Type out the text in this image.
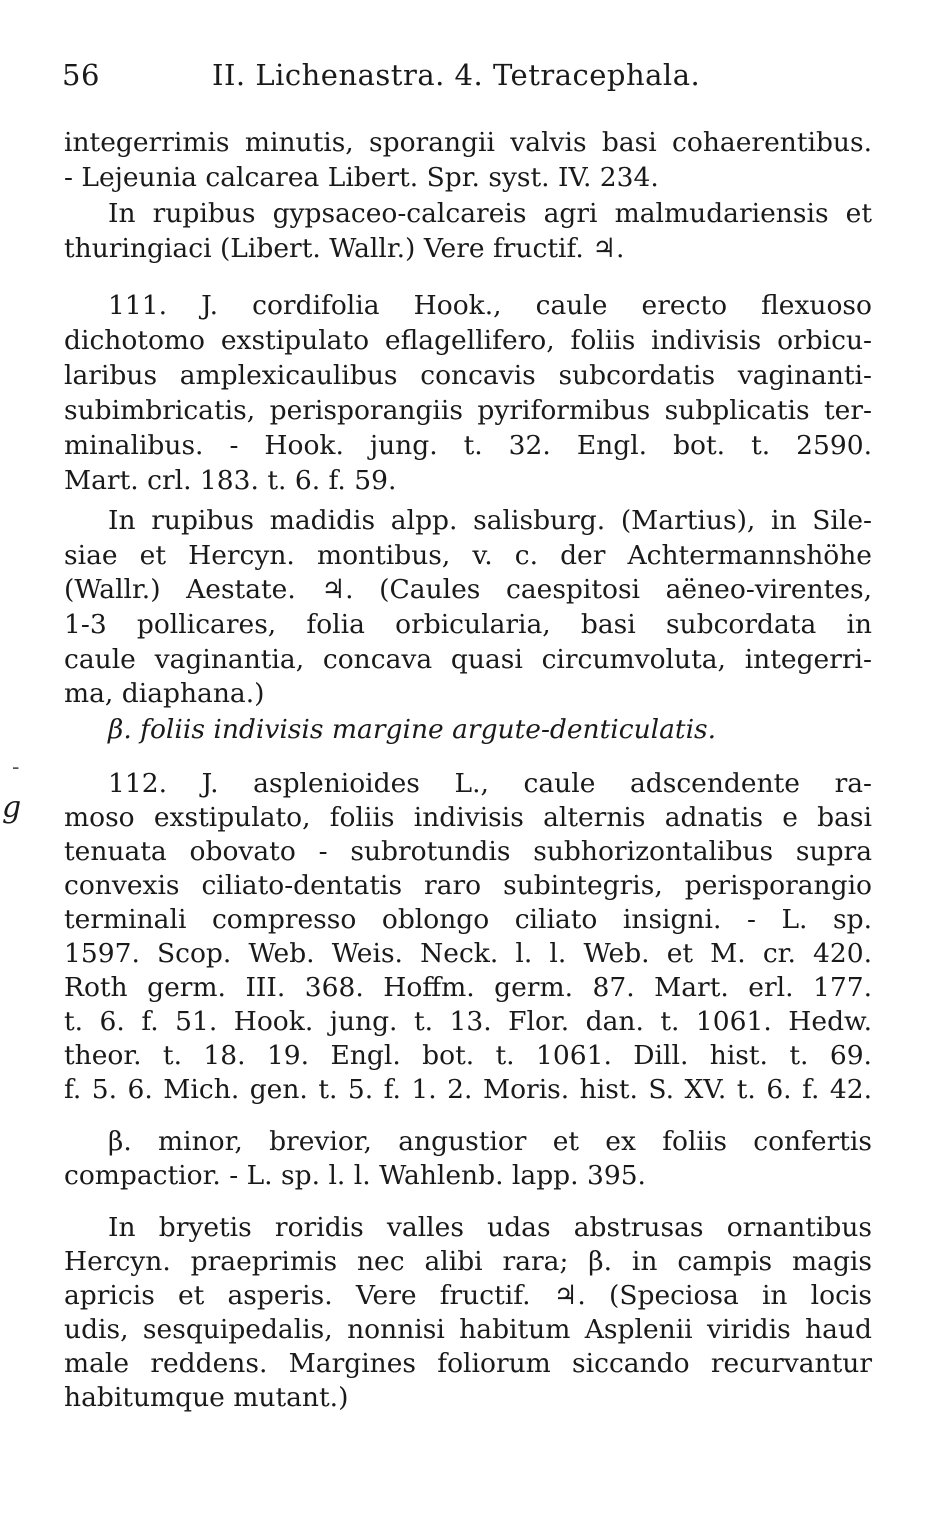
56	II. Lichenastra. 4. Tetracephala.
-
g
integerrimis minutis, sporangii valvis basi cohaerentibus.
- Lejeunia calcarea Libert. Spr. syst. IV. 234.
In rupibus gypsaceo-calcareis agri malmudariensis et
thuringiaci (Libert. Wallr.) Vere fructif. ♃.
111. J. cordifolia Hook., caule erecto flexuoso
dichotomo exstipulato eflagellifero, foliis indivisis orbicu-
laribus amplexicaulibus concavis subcordatis vaginanti-
subimbricatis, perisporangiis pyriformibus subplicatis ter-
minalibus. - Hook. jung. t. 32. Engl. bot. t. 2590.
Mart. crl. 183. t. 6. f. 59.
In rupibus madidis alpp. salisburg. (Martius), in Sile-
siae et Hercyn. montibus, v. c. der Achtermannshöhe
(Wallr.) Aestate. ♃. (Caules caespitosi aëneo-virentes,
1-3 pollicares, folia orbicularia, basi subcordata in
caule vaginantia, concava quasi circumvoluta, integerri-
ma, diaphana.)
β. foliis indivisis margine argute-denticulatis.
112. J. asplenioides L., caule adscendente ra-
moso exstipulato, foliis indivisis alternis adnatis e basi
tenuata obovato - subrotundis subhorizontalibus supra
convexis ciliato-dentatis raro subintegris, perisporangio
terminali compresso oblongo ciliato insigni. - L. sp.
1597. Scop. Web. Weis. Neck. l. l. Web. et M. cr. 420.
Roth germ. III. 368. Hoffm. germ. 87. Mart. erl. 177.
t. 6. f. 51. Hook. jung. t. 13. Flor. dan. t. 1061. Hedw.
theor. t. 18. 19. Engl. bot. t. 1061. Dill. hist. t. 69.
f. 5. 6. Mich. gen. t. 5. f. 1. 2. Moris. hist. S. XV. t. 6. f. 42.
β. minor, brevior, angustior et ex foliis confertis
compactior. - L. sp. l. l. Wahlenb. lapp. 395.
In bryetis roridis valles udas abstrusas ornantibus
Hercyn. praeprimis nec alibi rara; β. in campis magis
apricis et asperis. Vere fructif. ♃. (Speciosa in locis
udis, sesquipedalis, nonnisi habitum Asplenii viridis haud
male reddens. Margines foliorum siccando recurvantur
habitumque mutant.)
